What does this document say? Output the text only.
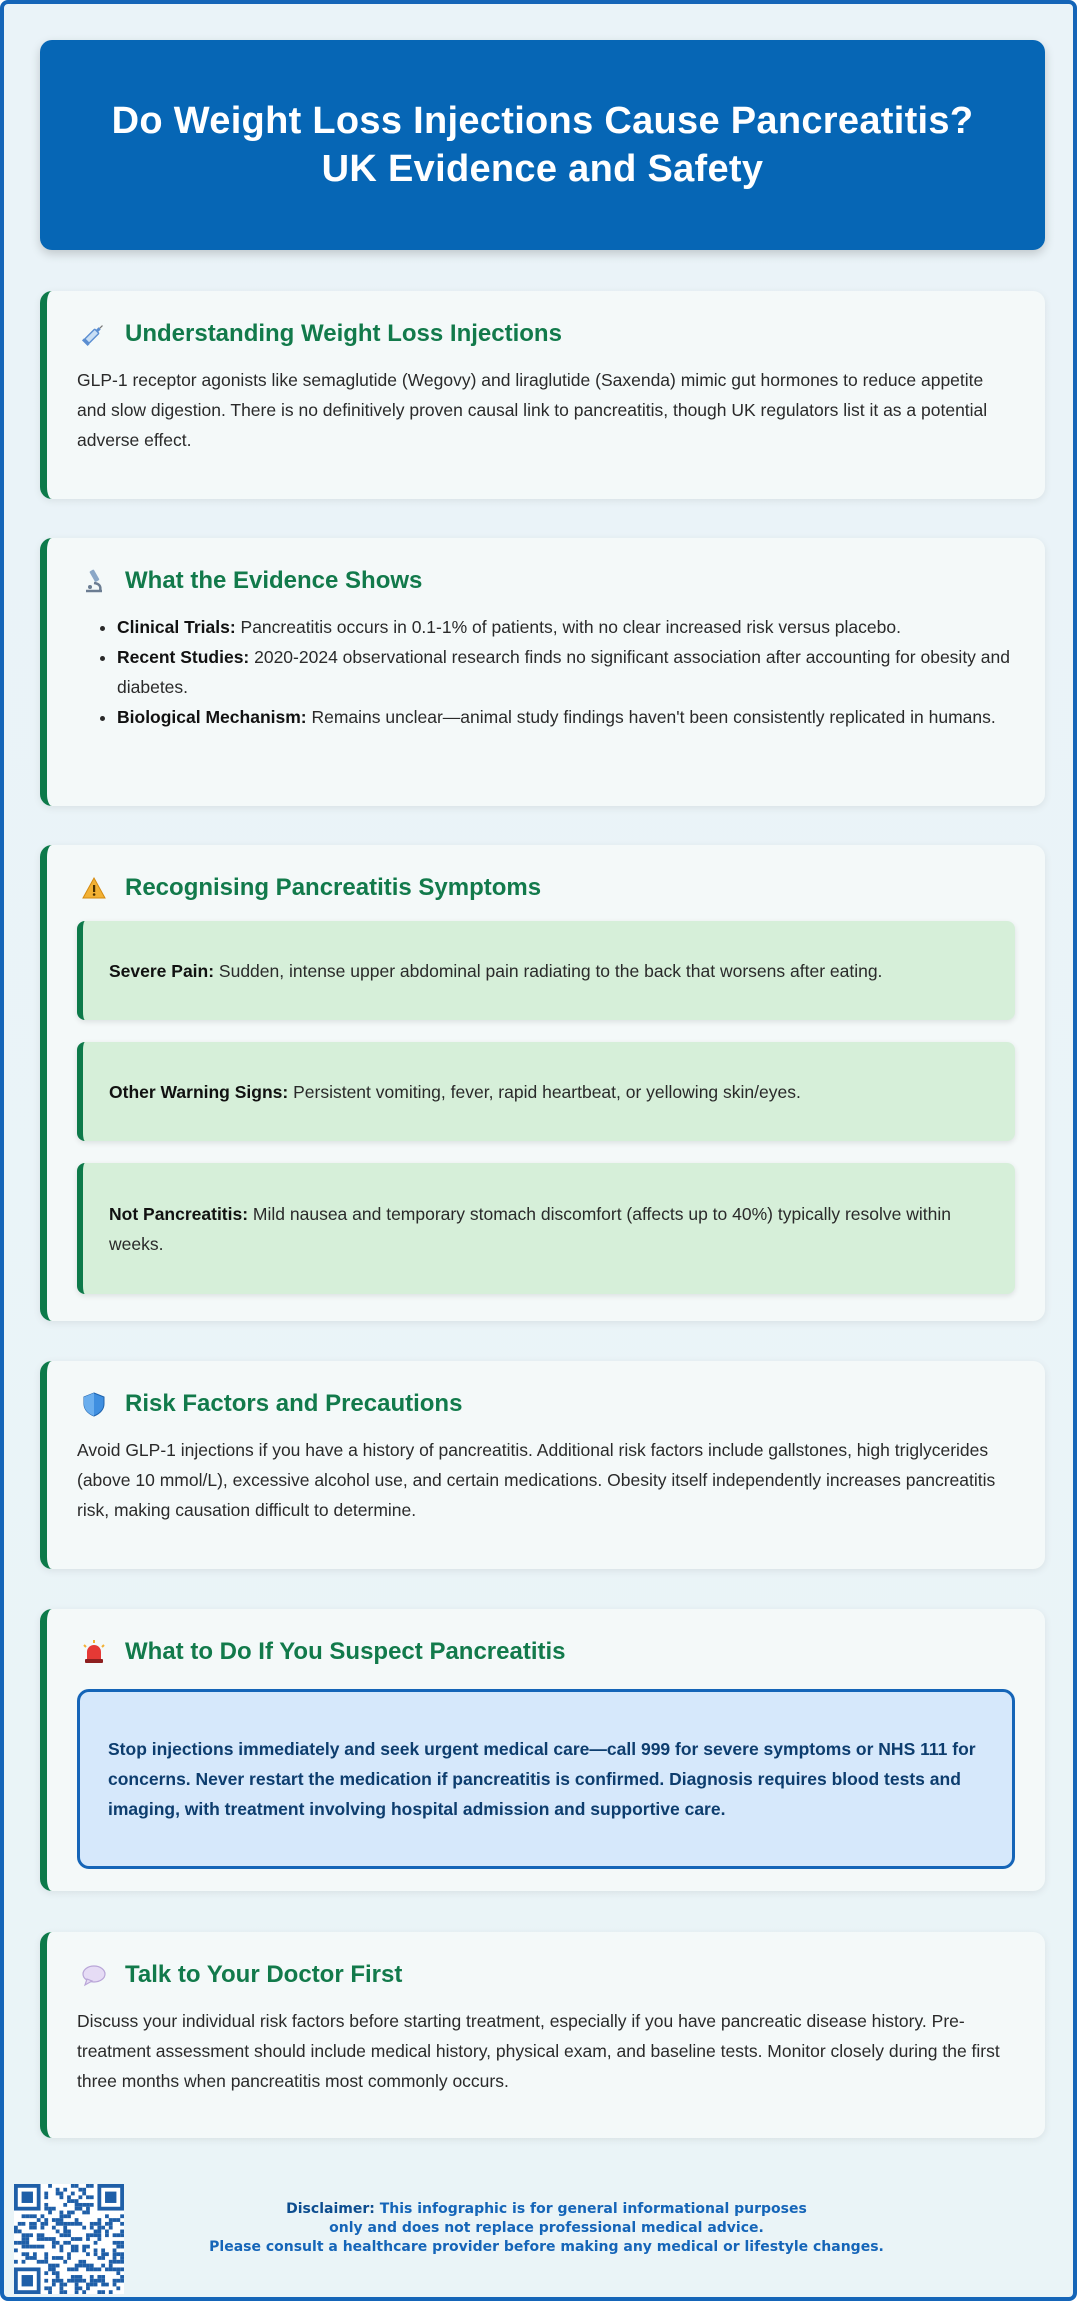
Do Weight Loss Injections Cause Pancreatitis? UK Evidence and Safety
Understanding Weight Loss Injections

GLP-1 receptor agonists like semaglutide (Wegovy) and liraglutide (Saxenda) mimic gut hormones to reduce appetite and slow digestion. There is no definitively proven causal link to pancreatitis, though UK regulators list it as a potential adverse effect.

What the Evidence Shows
• Clinical Trials: Pancreatitis occurs in 0.1-1% of patients, with no clear increased risk versus placebo.
• Recent Studies: 2020-2024 observational research finds no significant association after accounting for obesity and diabetes.
• Biological Mechanism: Remains unclear—animal study findings haven't been consistently replicated in humans.
Recognising Pancreatitis Symptoms
Severe Pain: Sudden, intense upper abdominal pain radiating to the back that worsens after eating.
Other Warning Signs: Persistent vomiting, fever, rapid heartbeat, or yellowing skin/eyes.
Not Pancreatitis: Mild nausea and temporary stomach discomfort (affects up to 40%) typically resolve within weeks.
Risk Factors and Precautions

Avoid GLP-1 injections if you have a history of pancreatitis. Additional risk factors include gallstones, high triglycerides (above 10 mmol/L), excessive alcohol use, and certain medications. Obesity itself independently increases pancreatitis risk, making causation difficult to determine.

What to Do If You Suspect Pancreatitis
Stop injections immediately and seek urgent medical care—call 999 for severe symptoms or NHS 111 for concerns. Never restart the medication if pancreatitis is confirmed. Diagnosis requires blood tests and imaging, with treatment involving hospital admission and supportive care.
Talk to Your Doctor First

Discuss your individual risk factors before starting treatment, especially if you have pancreatic disease history. Pre-treatment assessment should include medical history, physical exam, and baseline tests. Monitor closely during the first three months when pancreatitis most commonly occurs.

Disclaimer: This infographic is for general informational purposes
only and does not replace professional medical advice.
Please consult a healthcare provider before making any medical or lifestyle changes.
